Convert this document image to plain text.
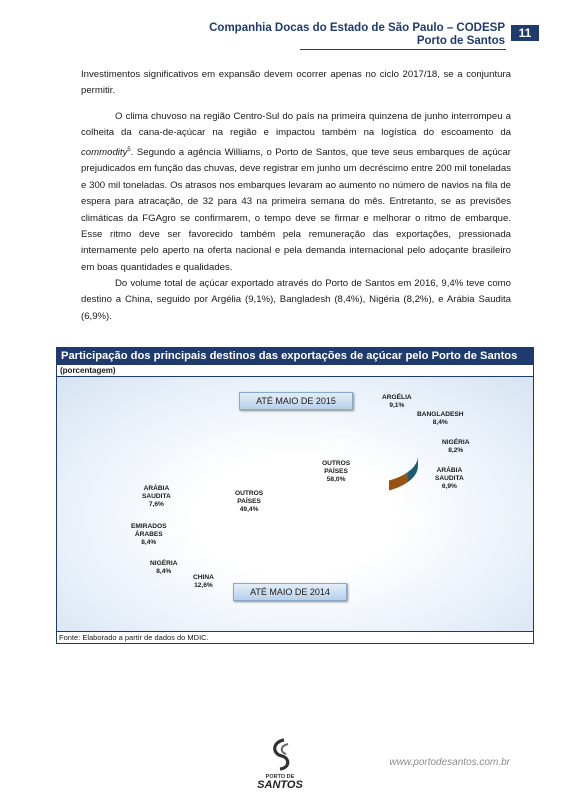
Companhia Docas do Estado de São Paulo – CODESP
Porto de Santos
11

Investimentos significativos em expansão devem ocorrer apenas no ciclo 2017/18, se a conjuntura permitir.

O clima chuvoso na região Centro-Sul do país na primeira quinzena de junho interrompeu a colheita da cana-de-açúcar na região e impactou também na logística do escoamento da commodity$^5$. Segundo a agência Williams, o Porto de Santos, que teve seus embarques de açúcar prejudicados em função das chuvas, deve registrar em junho um decréscimo entre 200 mil toneladas e 300 mil toneladas. Os atrasos nos embarques levaram ao aumento no número de navios na fila de espera para atracação, de 32 para 43 na primeira semana do mês. Entretanto, se as previsões climáticas da FGAgro se confirmarem, o tempo deve se firmar e melhorar o ritmo de embarque. Esse ritmo deve ser favorecido também pela remuneração das exportações, pressionada internamente pelo aperto na oferta nacional e pela demanda internacional pelo adoçante brasileiro em boas quantidades e qualidades.

Do volume total de açúcar exportado através do Porto de Santos em 2016, 9,4% teve como destino a China, seguido por Argélia (9,1%), Bangladesh (8,4%), Nigéria (8,2%), e Arábia Saudita (6,9%).

Participação dos principais destinos das exportações de açúcar pelo Porto de Santos
(porcentagem)
ATÉ MAIO DE 2015
ATÉ MAIO DE 2014
CHINA
9,4%
ARGÉLIA
9,1%
BANGLADESH
8,4%
NIGÉRIA
8,2%
ARÁBIA
SAUDITA
6,9%
OUTROS
PAÍSES
58,0%
OUTROS
PAÍSES
49,4%
BANGLADESH
13,6%
CHINA
12,6%
NIGÉRIA
8,4%
EMIRADOS
ÁRABES
8,4%
ARÁBIA
SAUDITA
7,6%
Fonte: Elaborado a partir de dados do MDIC.
PORTO DE
SANTOS
www.portodesantos.com.br
